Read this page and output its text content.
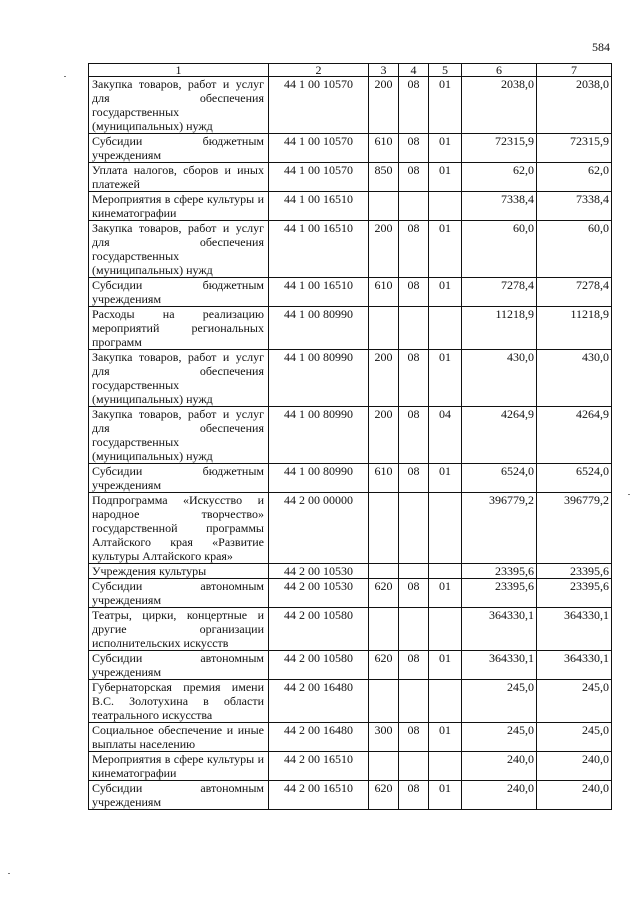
584
1	2	3	4	5	6	7
Закупка товаров, работ и услуг для обеспечения государственных (муниципальных) нужд	44 1 00 10570	200	08	01	2038,0	2038,0
Субсидии бюджетным учреждениям	44 1 00 10570	610	08	01	72315,9	72315,9
Уплата налогов, сборов и иных платежей	44 1 00 10570	850	08	01	62,0	62,0
Мероприятия в сфере культуры и кинематографии	44 1 00 16510				7338,4	7338,4
Закупка товаров, работ и услуг для обеспечения государственных (муниципальных) нужд	44 1 00 16510	200	08	01	60,0	60,0
Субсидии бюджетным учреждениям	44 1 00 16510	610	08	01	7278,4	7278,4
Расходы на реализацию мероприятий региональных программ	44 1 00 80990				11218,9	11218,9
Закупка товаров, работ и услуг для обеспечения государственных (муниципальных) нужд	44 1 00 80990	200	08	01	430,0	430,0
Закупка товаров, работ и услуг для обеспечения государственных (муниципальных) нужд	44 1 00 80990	200	08	04	4264,9	4264,9
Субсидии бюджетным учреждениям	44 1 00 80990	610	08	01	6524,0	6524,0
Подпрограмма «Искусство и народное творчество» государственной программы Алтайского края «Развитие культуры Алтайского края»	44 2 00 00000				396779,2	396779,2
Учреждения культуры	44 2 00 10530				23395,6	23395,6
Субсидии автономным учреждениям	44 2 00 10530	620	08	01	23395,6	23395,6
Театры, цирки, концертные и другие организации исполнительских искусств	44 2 00 10580				364330,1	364330,1
Субсидии автономным учреждениям	44 2 00 10580	620	08	01	364330,1	364330,1
Губернаторская премия имени В.С. Золотухина в области театрального искусства	44 2 00 16480				245,0	245,0
Социальное обеспечение и иные выплаты населению	44 2 00 16480	300	08	01	245,0	245,0
Мероприятия в сфере культуры и кинематографии	44 2 00 16510				240,0	240,0
Субсидии автономным учреждениям	44 2 00 16510	620	08	01	240,0	240,0
